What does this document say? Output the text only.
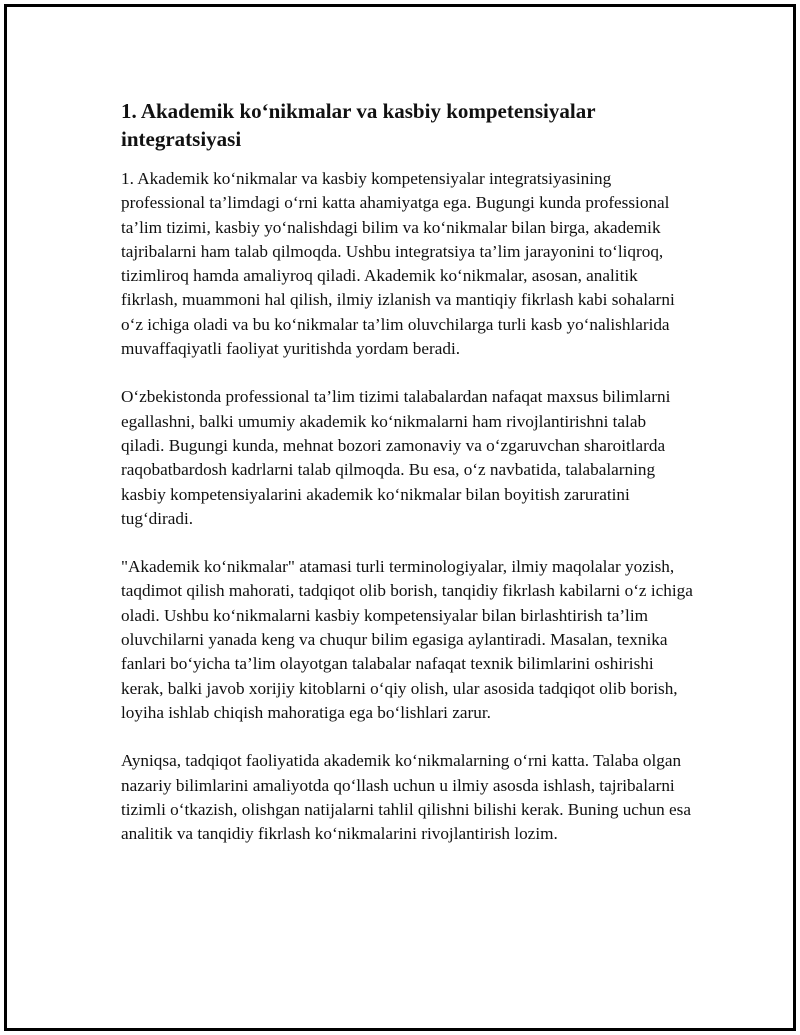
1. Akademik ko‘nikmalar va kasbiy kompetensiyalar integratsiyasi

1. Akademik ko‘nikmalar va kasbiy kompetensiyalar integratsiyasining professional ta’limdagi o‘rni katta ahamiyatga ega. Bugungi kunda professional ta’lim tizimi, kasbiy yo‘nalishdagi bilim va ko‘nikmalar bilan birga, akademik tajribalarni ham talab qilmoqda. Ushbu integratsiya ta’lim jarayonini to‘liqroq, tizimliroq hamda amaliyroq qiladi. Akademik ko‘nikmalar, asosan, analitik fikrlash, muammoni hal qilish, ilmiy izlanish va mantiqiy fikrlash kabi sohalarni o‘z ichiga oladi va bu ko‘nikmalar ta’lim oluvchilarga turli kasb yo‘nalishlarida muvaffaqiyatli faoliyat yuritishda yordam beradi.

O‘zbekistonda professional ta’lim tizimi talabalardan nafaqat maxsus bilimlarni egallashni, balki umumiy akademik ko‘nikmalarni ham rivojlantirishni talab qiladi. Bugungi kunda, mehnat bozori zamonaviy va o‘zgaruvchan sharoitlarda raqobatbardosh kadrlarni talab qilmoqda. Bu esa, o‘z navbatida, talabalarning kasbiy kompetensiyalarini akademik ko‘nikmalar bilan boyitish zaruratini tug‘diradi.

"Akademik ko‘nikmalar" atamasi turli terminologiyalar, ilmiy maqolalar yozish, taqdimot qilish mahorati, tadqiqot olib borish, tanqidiy fikrlash kabilarni o‘z ichiga oladi. Ushbu ko‘nikmalarni kasbiy kompetensiyalar bilan birlashtirish ta’lim oluvchilarni yanada keng va chuqur bilim egasiga aylantiradi. Masalan, texnika fanlari bo‘yicha ta’lim olayotgan talabalar nafaqat texnik bilimlarini oshirishi kerak, balki javob xorijiy kitoblarni o‘qiy olish, ular asosida tadqiqot olib borish, loyiha ishlab chiqish mahoratiga ega bo‘lishlari zarur.

Ayniqsa, tadqiqot faoliyatida akademik ko‘nikmalarning o‘rni katta. Talaba olgan nazariy bilimlarini amaliyotda qo‘llash uchun u ilmiy asosda ishlash, tajribalarni tizimli o‘tkazish, olishgan natijalarni tahlil qilishni bilishi kerak. Buning uchun esa analitik va tanqidiy fikrlash ko‘nikmalarini rivojlantirish lozim.
